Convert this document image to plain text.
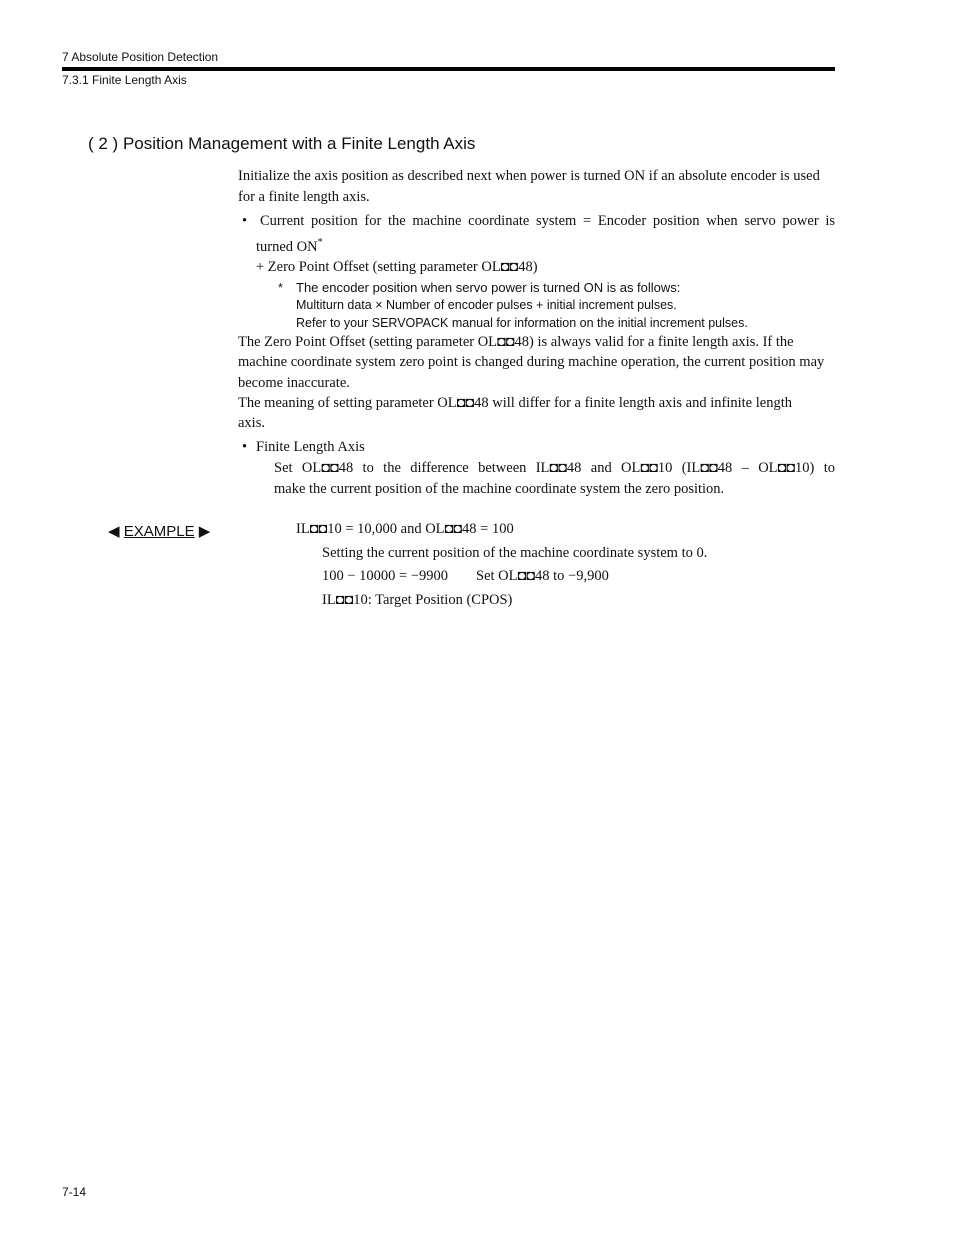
7 Absolute Position Detection
7.3.1 Finite Length Axis
( 2 ) Position Management with a Finite Length Axis
Initialize the axis position as described next when power is turned ON if an absolute encoder is used
for a finite length axis.
• Current position for the machine coordinate system = Encoder position when servo power is
turned ON*
+ Zero Point Offset (setting parameter OL◘◘48)
* The encoder position when servo power is turned ON is as follows:
Multiturn data × Number of encoder pulses + initial increment pulses.
Refer to your SERVOPACK manual for information on the initial increment pulses.
The Zero Point Offset (setting parameter OL◘◘48) is always valid for a finite length axis. If the
machine coordinate system zero point is changed during machine operation, the current position may
become inaccurate.
The meaning of setting parameter OL◘◘48 will differ for a finite length axis and infinite length
axis.
• Finite Length Axis
Set OL◘◘48 to the difference between IL◘◘48 and OL◘◘10 (IL◘◘48 – OL◘◘10) to
make the current position of the machine coordinate system the zero position.
◀ EXAMPLE ▶	IL◘◘10 = 10,000 and OL◘◘48 = 100
Setting the current position of the machine coordinate system to 0.
100 − 10000 = −9900 Set OL◘◘48 to −9,900
IL◘◘10: Target Position (CPOS)
7-14
